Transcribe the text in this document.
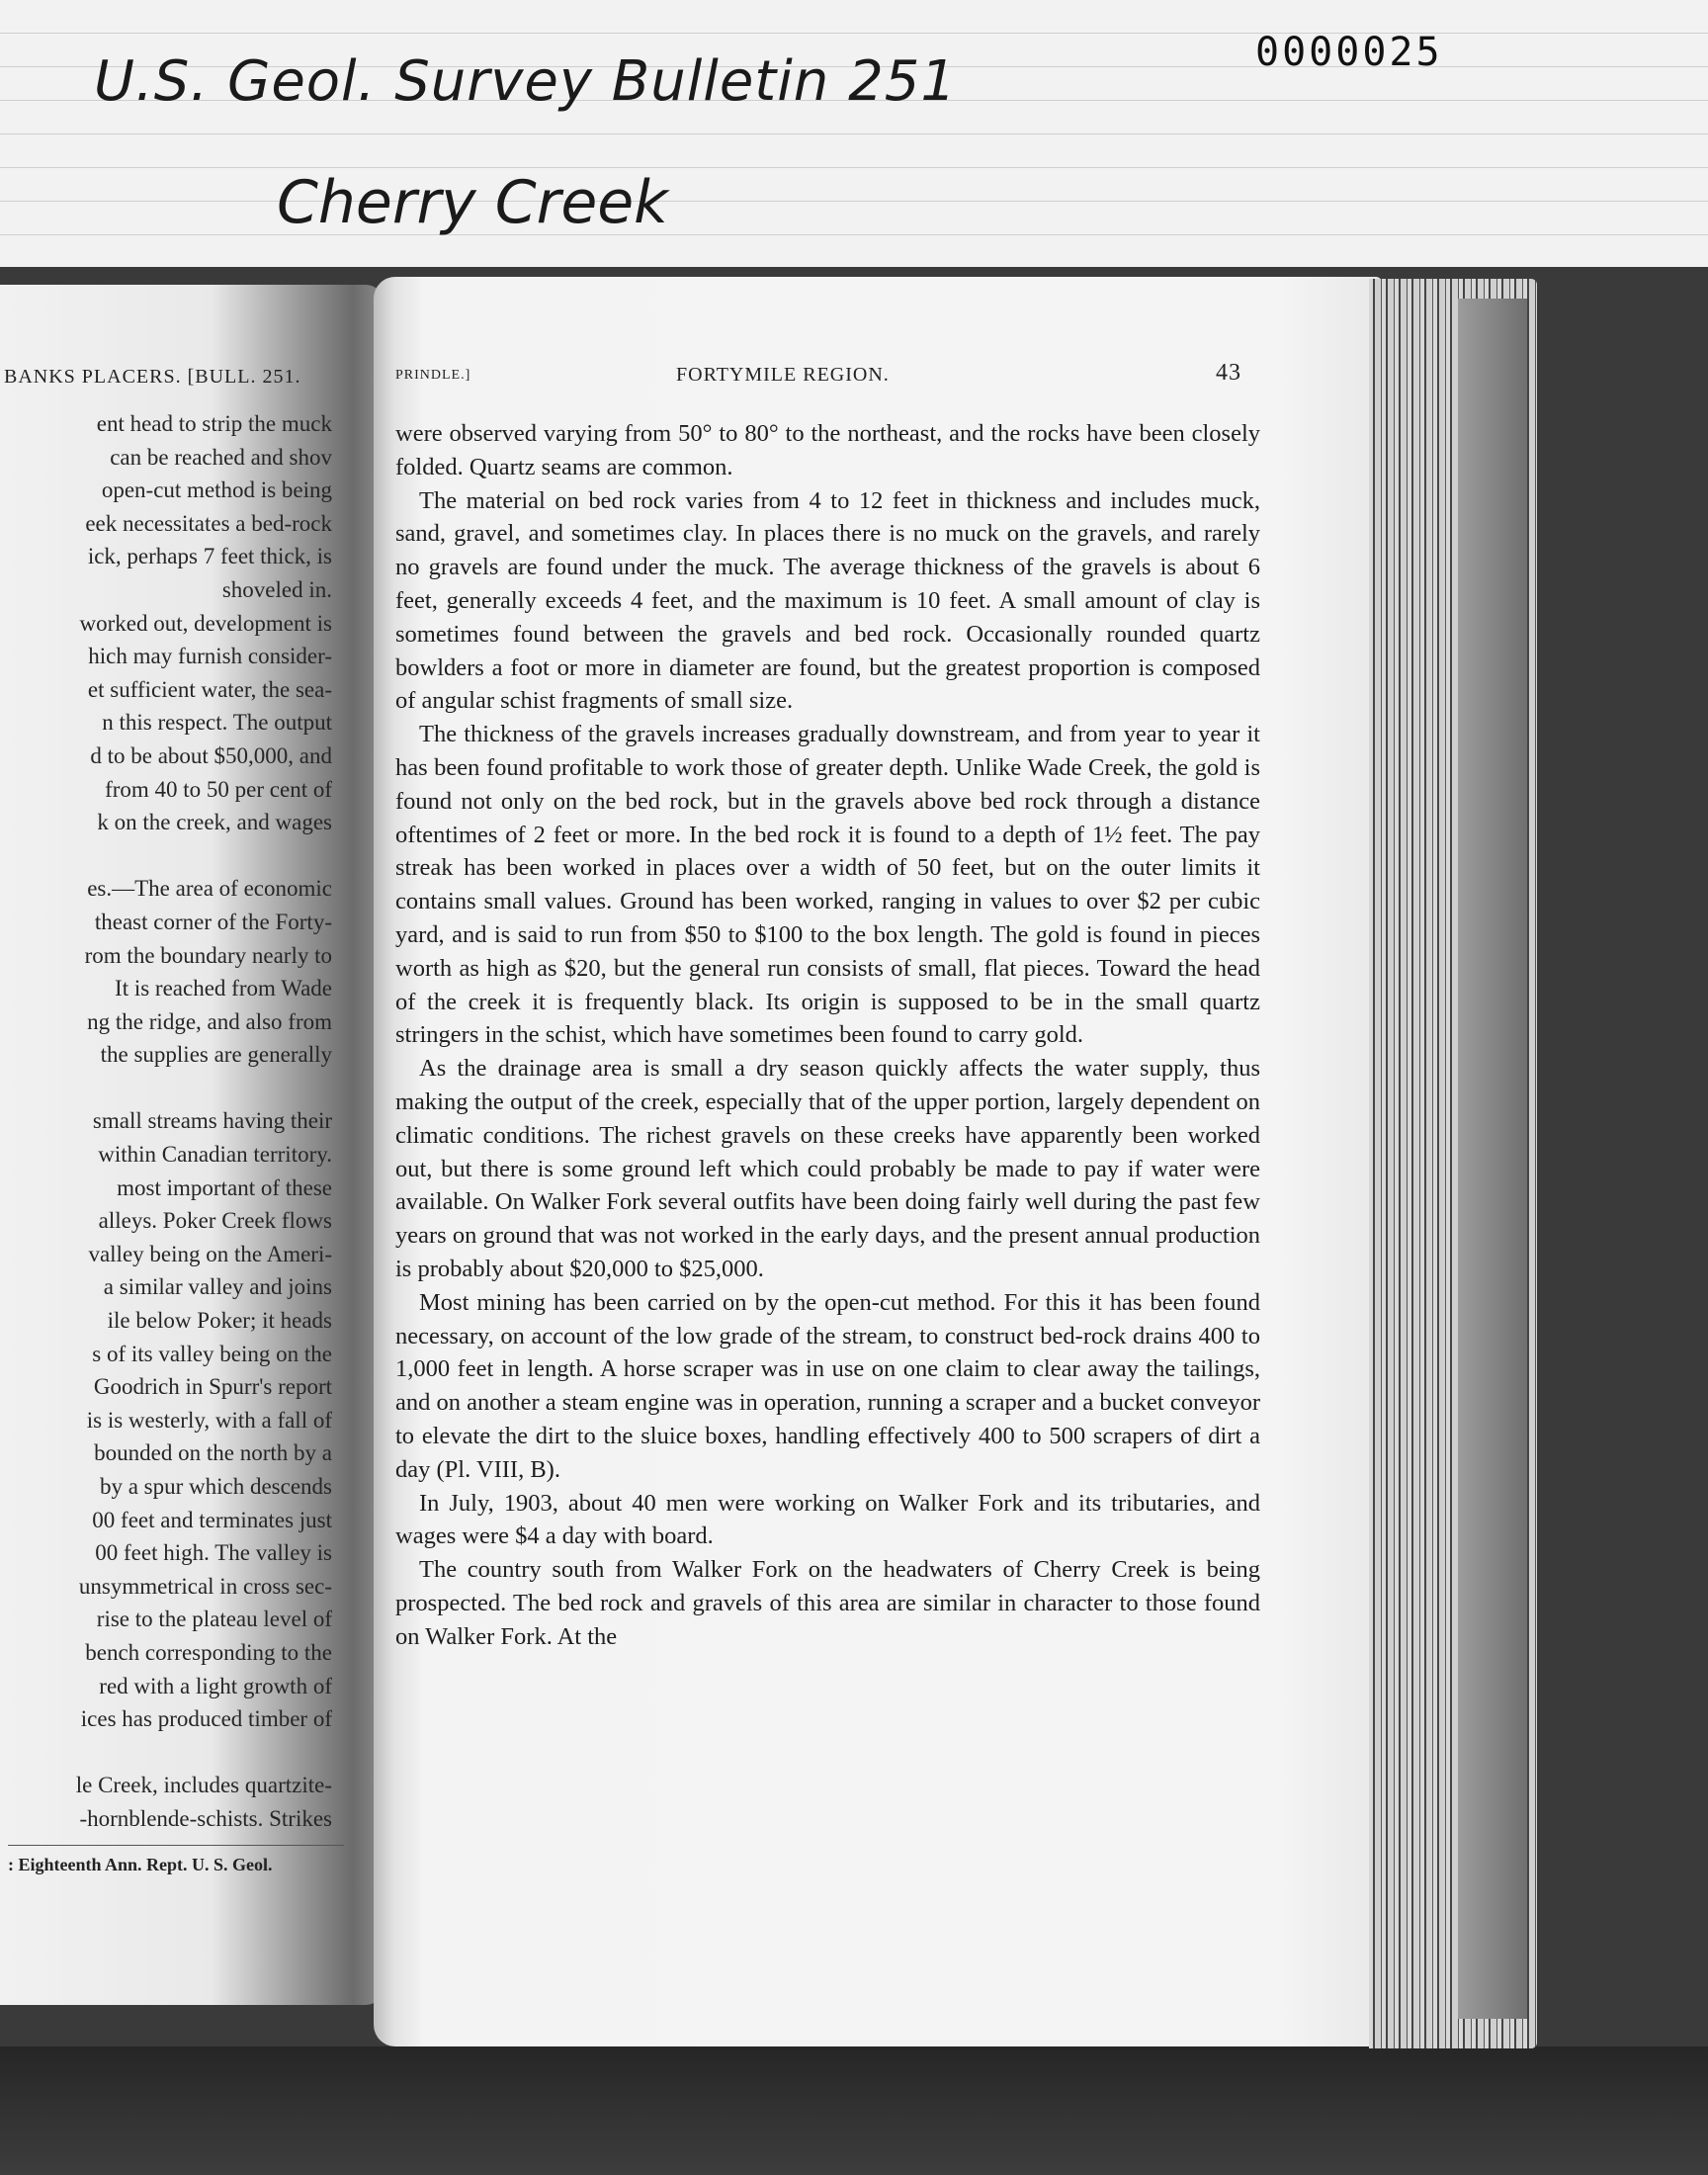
U.S. Geol. Survey Bulletin 251
Cherry Creek
0000025
BANKS PLACERS. [BULL. 251.
ent head to strip the muck
can be reached and shov
open-cut method is being
eek necessitates a bed-rock
ick, perhaps 7 feet thick, is
shoveled in.
worked out, development is
hich may furnish consider-
et sufficient water, the sea-
n this respect. The output
d to be about $50,000, and
from 40 to 50 per cent of
k on the creek, and wages
es.—The area of economic
theast corner of the Forty-
rom the boundary nearly to
It is reached from Wade
ng the ridge, and also from
the supplies are generally
small streams having their
within Canadian territory.
most important of these
alleys. Poker Creek flows
valley being on the Ameri-
a similar valley and joins
ile below Poker; it heads
s of its valley being on the
Goodrich in Spurr's report
is is westerly, with a fall of
bounded on the north by a
by a spur which descends
00 feet and terminates just
00 feet high. The valley is
unsymmetrical in cross sec-
rise to the plateau level of
bench corresponding to the
red with a light growth of
ices has produced timber of
le Creek, includes quartzite-
-hornblende-schists. Strikes
: Eighteenth Ann. Rept. U. S. Geol.
PRINDLE.]	FORTYMILE REGION.	43

were observed varying from 50° to 80° to the northeast, and the rocks have been closely folded. Quartz seams are common.

The material on bed rock varies from 4 to 12 feet in thickness and includes muck, sand, gravel, and sometimes clay. In places there is no muck on the gravels, and rarely no gravels are found under the muck. The average thickness of the gravels is about 6 feet, generally exceeds 4 feet, and the maximum is 10 feet. A small amount of clay is sometimes found between the gravels and bed rock. Occasionally rounded quartz bowlders a foot or more in diameter are found, but the greatest proportion is composed of angular schist fragments of small size.

The thickness of the gravels increases gradually downstream, and from year to year it has been found profitable to work those of greater depth. Unlike Wade Creek, the gold is found not only on the bed rock, but in the gravels above bed rock through a distance oftentimes of 2 feet or more. In the bed rock it is found to a depth of 1½ feet. The pay streak has been worked in places over a width of 50 feet, but on the outer limits it contains small values. Ground has been worked, ranging in values to over $2 per cubic yard, and is said to run from $50 to $100 to the box length. The gold is found in pieces worth as high as $20, but the general run consists of small, flat pieces. Toward the head of the creek it is frequently black. Its origin is supposed to be in the small quartz stringers in the schist, which have sometimes been found to carry gold.

As the drainage area is small a dry season quickly affects the water supply, thus making the output of the creek, especially that of the upper portion, largely dependent on climatic conditions. The richest gravels on these creeks have apparently been worked out, but there is some ground left which could probably be made to pay if water were available. On Walker Fork several outfits have been doing fairly well during the past few years on ground that was not worked in the early days, and the present annual production is probably about $20,000 to $25,000.

Most mining has been carried on by the open-cut method. For this it has been found necessary, on account of the low grade of the stream, to construct bed-rock drains 400 to 1,000 feet in length. A horse scraper was in use on one claim to clear away the tailings, and on another a steam engine was in operation, running a scraper and a bucket conveyor to elevate the dirt to the sluice boxes, handling effectively 400 to 500 scrapers of dirt a day (Pl. VIII, B).

In July, 1903, about 40 men were working on Walker Fork and its tributaries, and wages were $4 a day with board.

The country south from Walker Fork on the headwaters of Cherry Creek is being prospected. The bed rock and gravels of this area are similar in character to those found on Walker Fork. At the
